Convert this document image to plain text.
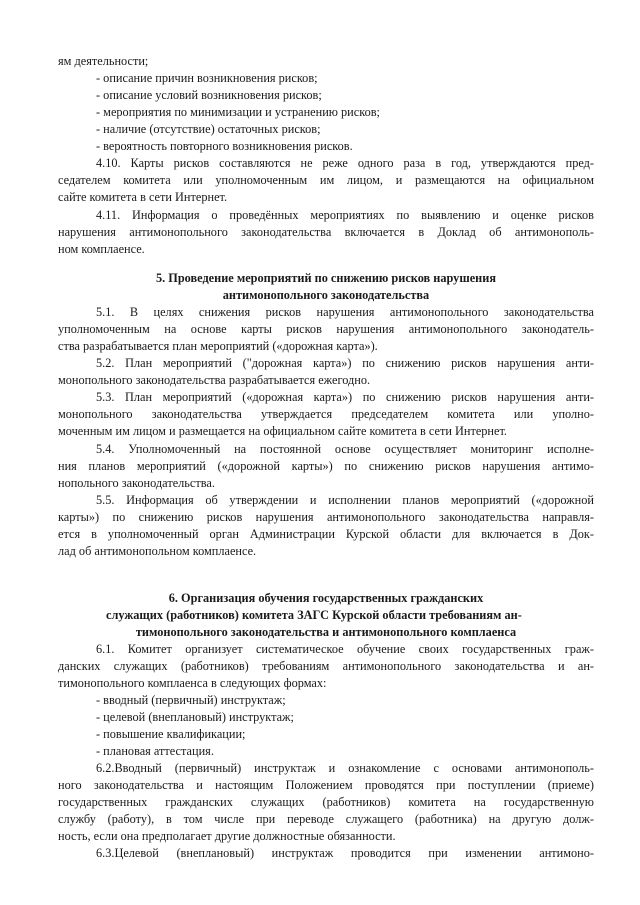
ям деятельности;
- описание причин возникновения рисков;
- описание условий возникновения рисков;
- мероприятия по минимизации и устранению рисков;
- наличие (отсутствие) остаточных рисков;
- вероятность повторного возникновения рисков.
4.10. Карты рисков составляются не реже одного раза в год, утверждаются пред-
седателем комитета или уполномоченным им лицом, и размещаются на официальном
сайте комитета в сети Интернет.
4.11. Информация о проведённых мероприятиях по выявлению и оценке рисков
нарушения антимонопольного законодательства включается в Доклад об антимонополь-
ном комплаенсе.
5. Проведение мероприятий по снижению рисков нарушения
антимонопольного законодательства
5.1. В целях снижения рисков нарушения антимонопольного законодательства
уполномоченным на основе карты рисков нарушения антимонопольного законодатель-
ства разрабатывается план мероприятий («дорожная карта»).
5.2. План мероприятий ("дорожная карта») по снижению рисков нарушения анти-
монопольного законодательства разрабатывается ежегодно.
5.3. План мероприятий («дорожная карта») по снижению рисков нарушения анти-
монопольного законодательства утверждается председателем комитета или уполно-
моченным им лицом и размещается на официальном сайте комитета в сети Интернет.
5.4. Уполномоченный на постоянной основе осуществляет мониторинг исполне-
ния планов мероприятий («дорожной карты») по снижению рисков нарушения антимо-
нопольного законодательства.
5.5. Информация об утверждении и исполнении планов мероприятий («дорожной
карты») по снижению рисков нарушения антимонопольного законодательства направля-
ется в уполномоченный орган Администрации Курской области для включается в Док-
лад об антимонопольном комплаенсе.
6. Организация обучения государственных гражданских
служащих (работников) комитета ЗАГС Курской области требованиям ан-
тимонопольного законодательства и антимонопольного комплаенса
6.1. Комитет организует систематическое обучение своих государственных граж-
данских служащих (работников) требованиям антимонопольного законодательства и ан-
тимонопольного комплаенса в следующих формах:
- вводный (первичный) инструктаж;
- целевой (внеплановый) инструктаж;
- повышение квалификации;
- плановая аттестация.
6.2.Вводный (первичный) инструктаж и ознакомление с основами антимонополь-
ного законодательства и настоящим Положением проводятся при поступлении (приеме)
государственных гражданских служащих (работников) комитета на государственную
службу (работу), в том числе при переводе служащего (работника) на другую долж-
ность, если она предполагает другие должностные обязанности.
6.3.Целевой (внеплановый) инструктаж проводится при изменении антимоно-
